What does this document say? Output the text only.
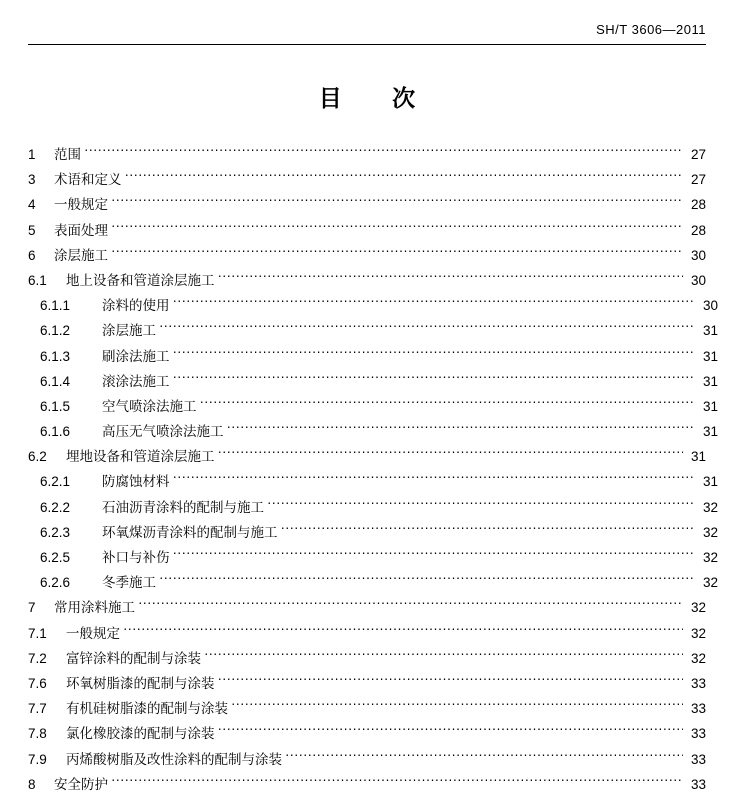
SH/T 3606—2011
目 次
1	范围 ·····	27
3	术语和定义 ·····	27
4	一般规定 ·····	28
5	表面处理 ·····	28
6	涂层施工 ·····	30
6.1	地上设备和管道涂层施工 ·····	30
6.1.1	涂料的使用 ·····	30
6.1.2	涂层施工 ·····	31
6.1.3	刷涂法施工 ·····	31
6.1.4	滚涂法施工 ·····	31
6.1.5	空气喷涂法施工 ·····	31
6.1.6	高压无气喷涂法施工 ·····	31
6.2	埋地设备和管道涂层施工 ·····	31
6.2.1	防腐蚀材料 ·····	31
6.2.2	石油沥青涂料的配制与施工 ·····	32
6.2.3	环氧煤沥青涂料的配制与施工 ·····	32
6.2.5	补口与补伤 ·····	32
6.2.6	冬季施工 ·····	32
7	常用涂料施工 ·····	32
7.1	一般规定 ·····	32
7.2	富锌涂料的配制与涂装 ·····	32
7.6	环氧树脂漆的配制与涂装 ·····	33
7.7	有机硅树脂漆的配制与涂装 ·····	33
7.8	氯化橡胶漆的配制与涂装 ·····	33
7.9	丙烯酸树脂及改性涂料的配制与涂装 ·····	33
8	安全防护 ·····	33
